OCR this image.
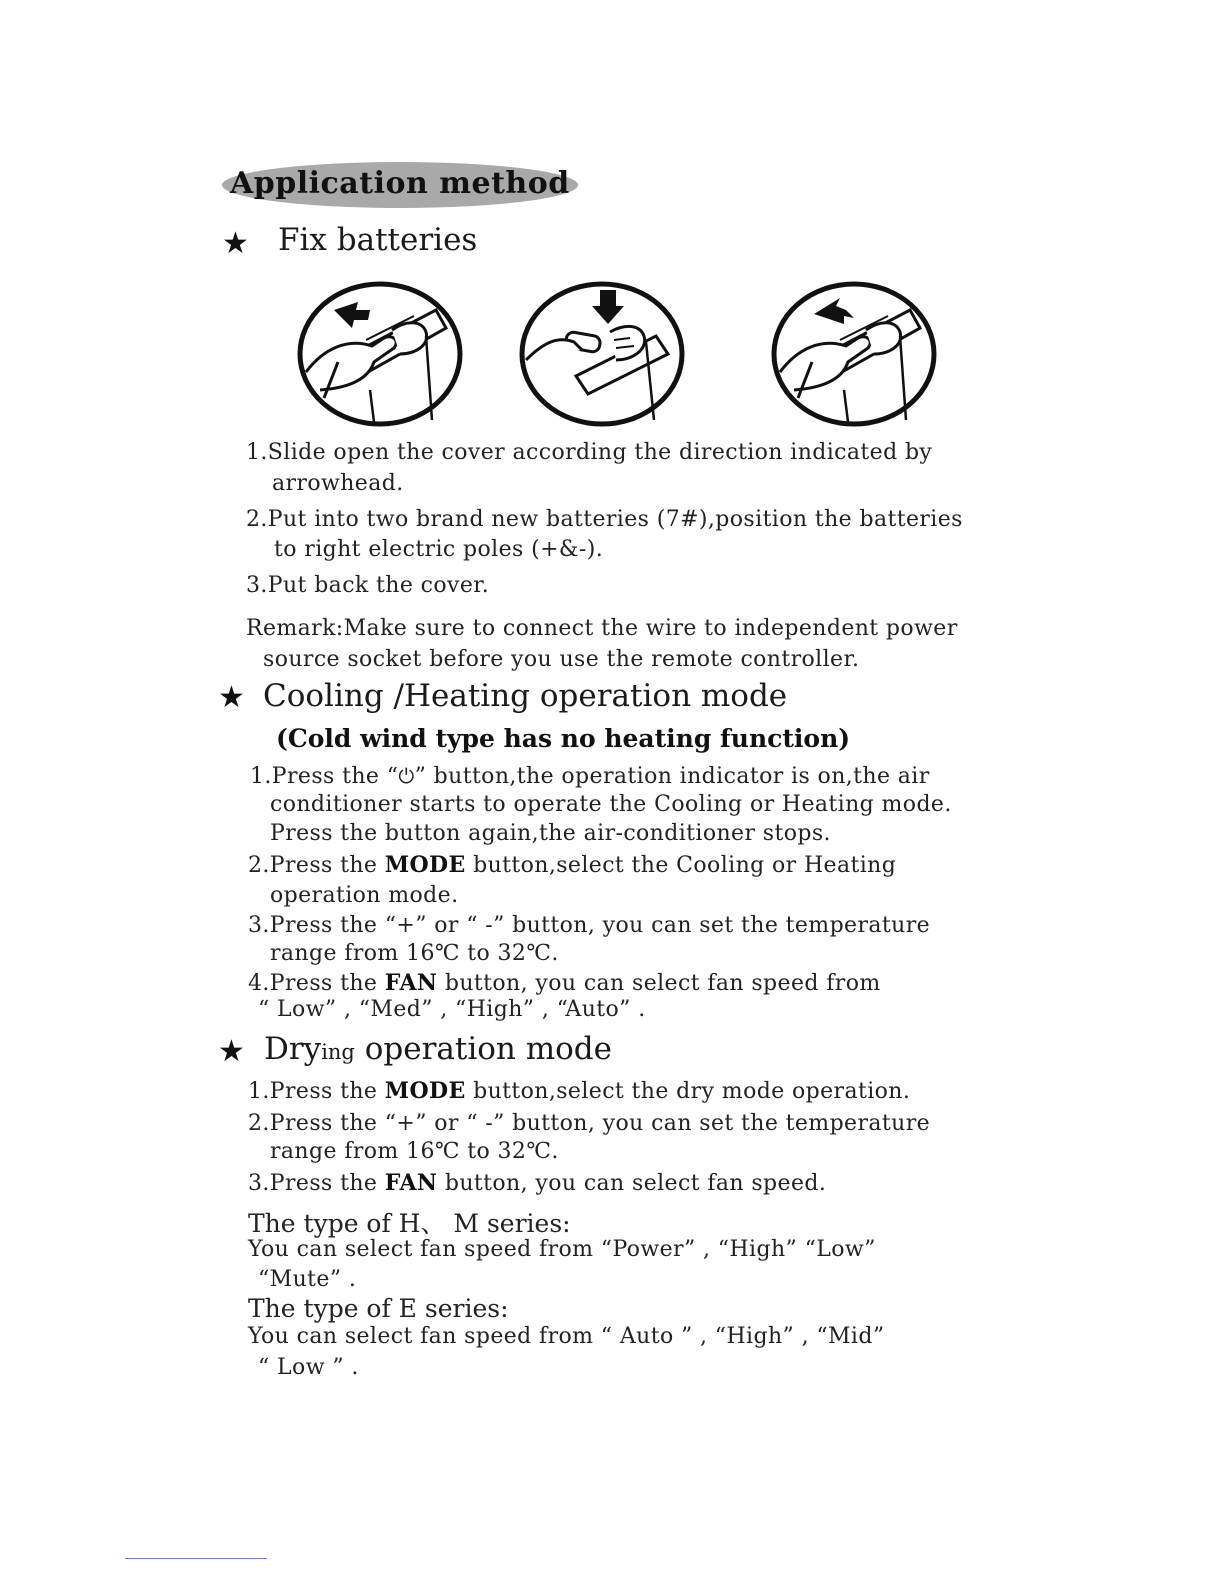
Application method
★ Fix batteries
1.Slide open the cover according the direction indicated by
arrowhead.
2.Put into two brand new batteries (7#),position the batteries
to right electric poles (+&-).
3.Put back the cover.
Remark:Make sure to connect the wire to independent power
source socket before you use the remote controller.
★ Cooling /Heating operation mode
(Cold wind type has no heating function)
1.Press the “⏻” button,the operation indicator is on,the air
conditioner starts to operate the Cooling or Heating mode.
Press the button again,the air-conditioner stops.
2.Press the MODE button,select the Cooling or Heating
operation mode.
3.Press the “+” or “ -” button, you can set the temperature
range from 16℃ to 32℃.
4.Press the FAN button, you can select fan speed from
“ Low” , “Med” , “High” , “Auto” .
★ Drying operation mode
1.Press the MODE button,select the dry mode operation.
2.Press the “+” or “ -” button, you can set the temperature
range from 16℃ to 32℃.
3.Press the FAN button, you can select fan speed.
The type of H、 M series:
You can select fan speed from “Power” , “High” “Low”
“Mute” .
The type of E series:
You can select fan speed from “ Auto ” , “High” , “Mid”
“ Low ” .
